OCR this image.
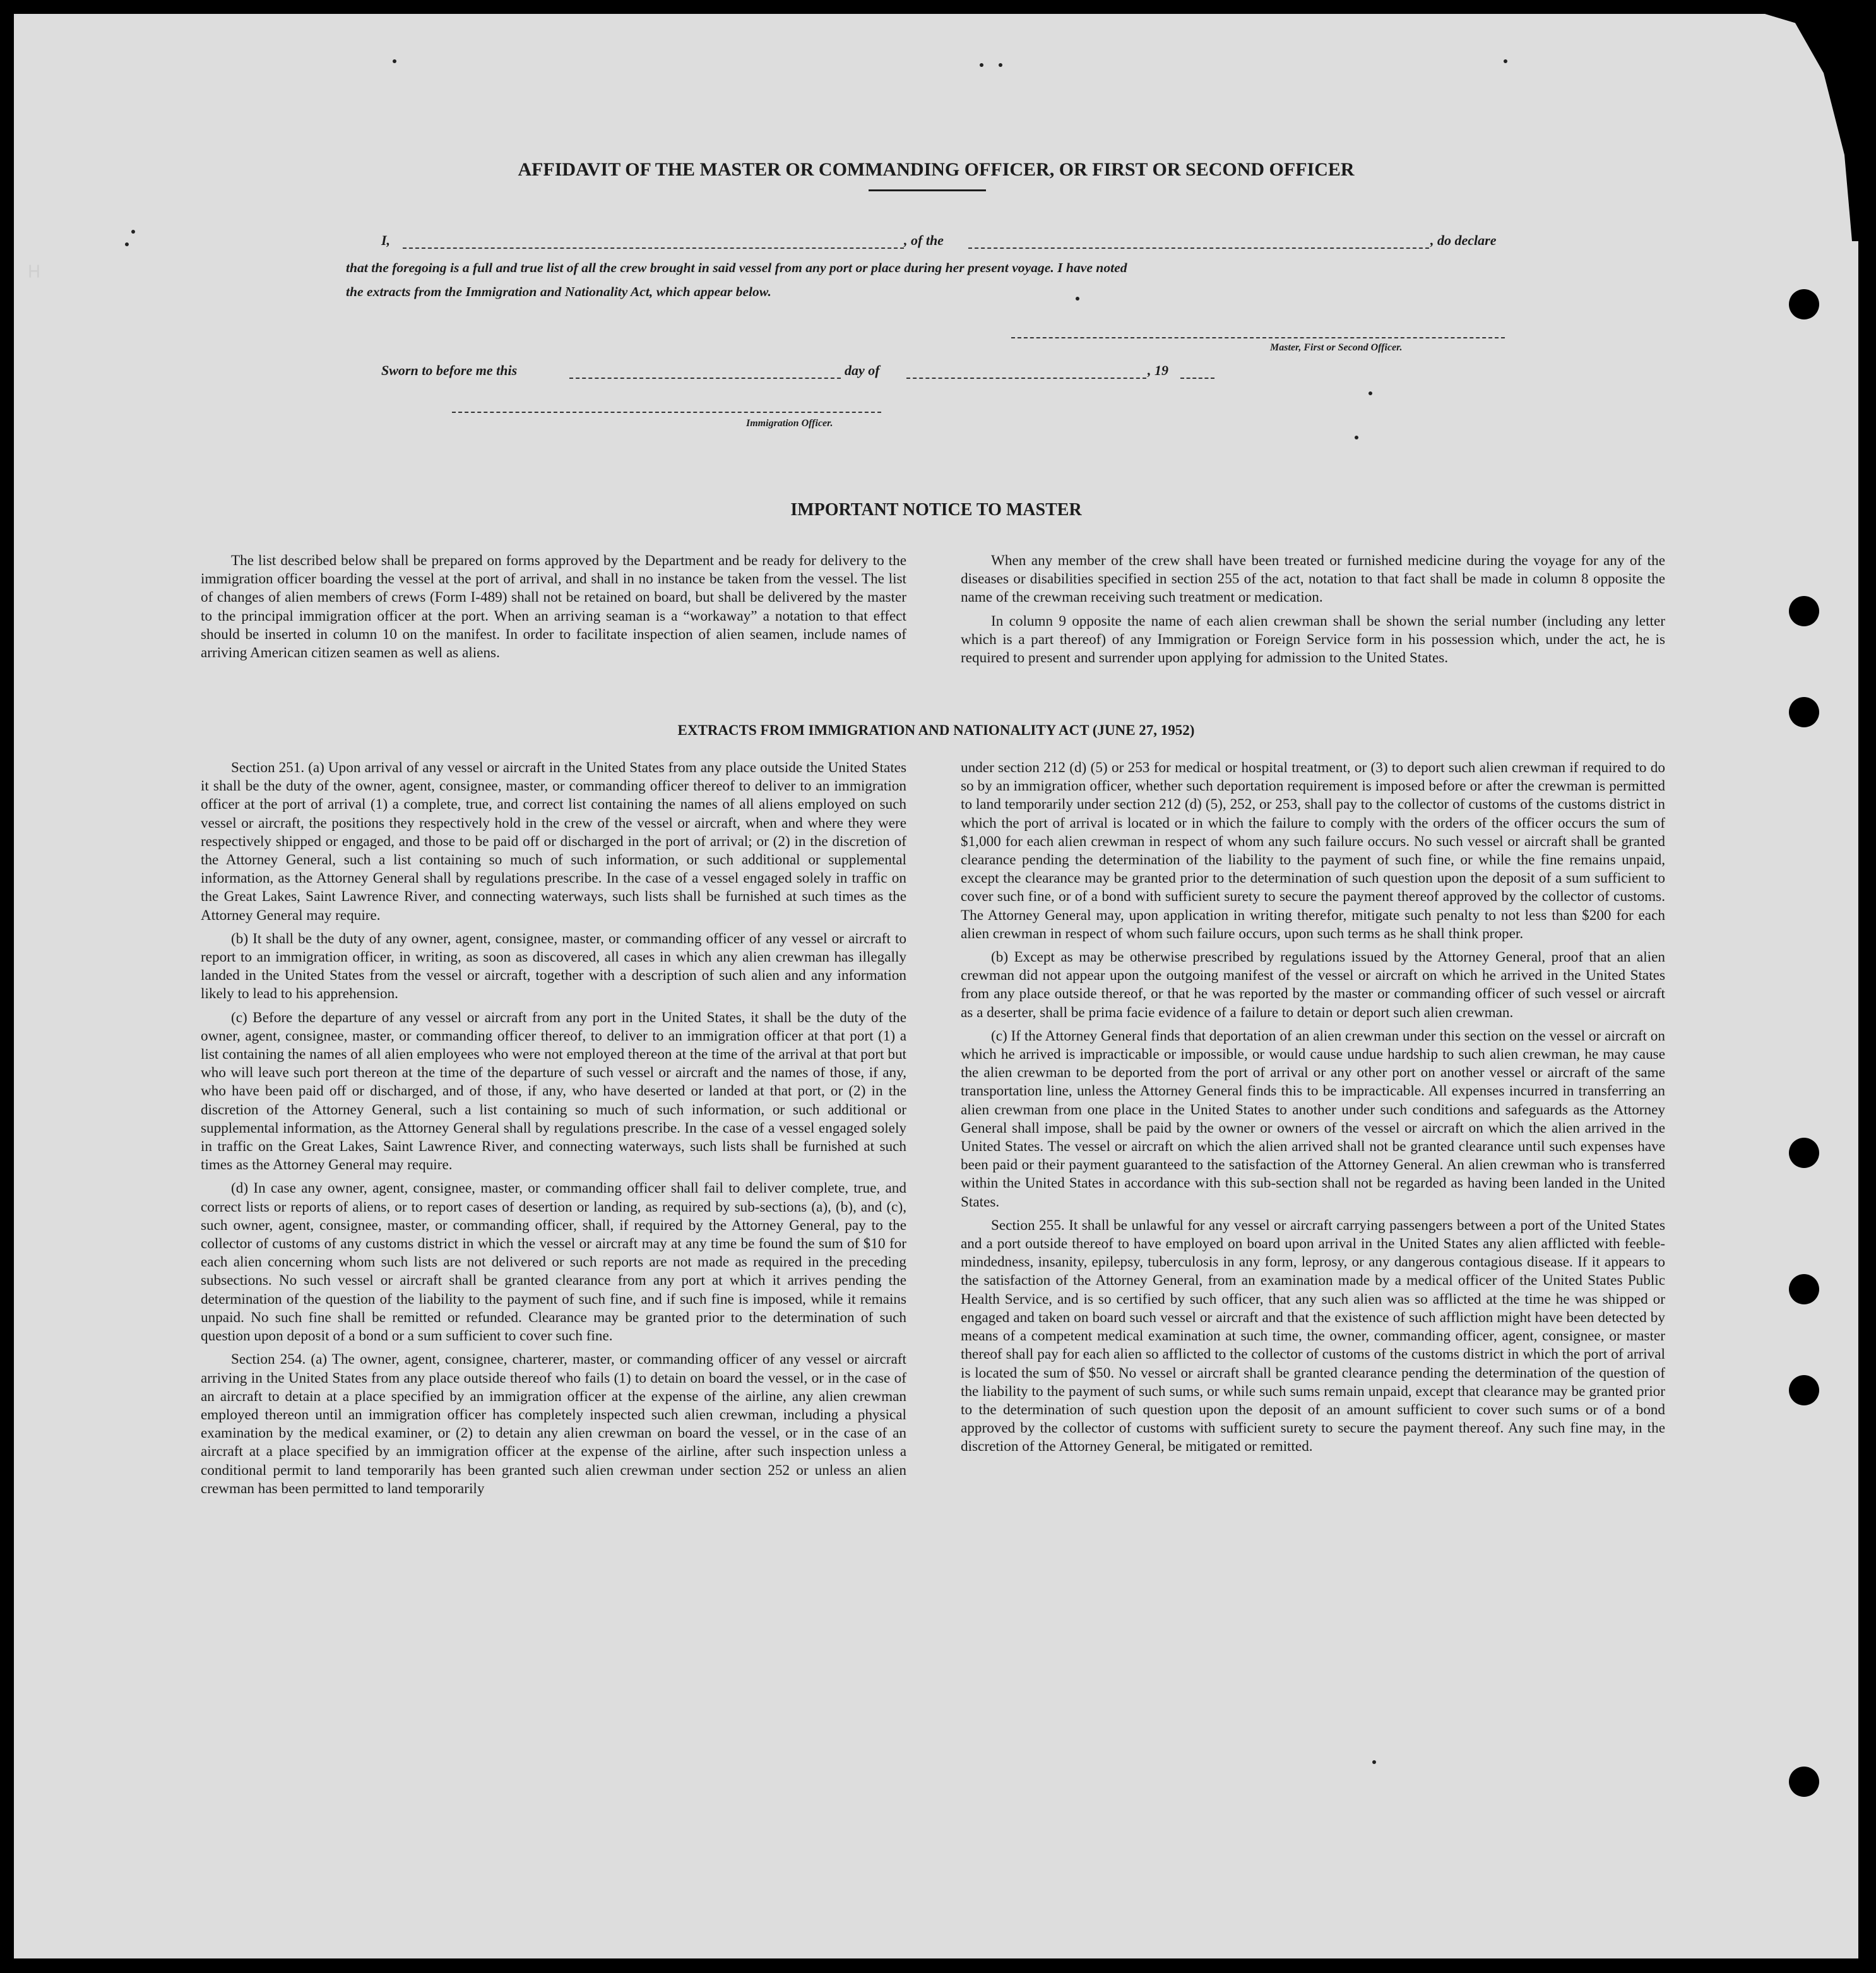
ᴴ
AFFIDAVIT OF THE MASTER OR COMMANDING OFFICER, OR FIRST OR SECOND OFFICER
I,	, of the	, do declare
that the foregoing is a full and true list of all the crew brought in said vessel from any port or place during her present voyage. I have noted
the extracts from the Immigration and Nationality Act, which appear below.
Master, First or Second Officer.
Sworn to before me this	day of	, 19
Immigration Officer.
IMPORTANT NOTICE TO MASTER

The list described below shall be prepared on forms approved by the Department and be ready for delivery to the immigration officer boarding the vessel at the port of arrival, and shall in no instance be taken from the vessel. The list of changes of alien members of crews (Form I-489) shall not be retained on board, but shall be delivered by the master to the principal immigration officer at the port. When an arriving seaman is a “workaway” a notation to that effect should be inserted in column 10 on the manifest. In order to facilitate inspection of alien seamen, include names of arriving American citizen seamen as well as aliens.

When any member of the crew shall have been treated or furnished medicine during the voyage for any of the diseases or disabilities specified in section 255 of the act, notation to that fact shall be made in column 8 opposite the name of the crewman receiving such treatment or medication.

In column 9 opposite the name of each alien crewman shall be shown the serial number (including any letter which is a part thereof) of any Immigration or Foreign Service form in his possession which, under the act, he is required to present and surrender upon applying for admission to the United States.

EXTRACTS FROM IMMIGRATION AND NATIONALITY ACT (JUNE 27, 1952)

Section 251. (a) Upon arrival of any vessel or aircraft in the United States from any place outside the United States it shall be the duty of the owner, agent, consignee, master, or commanding officer thereof to deliver to an immigration officer at the port of arrival (1) a complete, true, and correct list containing the names of all aliens employed on such vessel or aircraft, the positions they respectively hold in the crew of the vessel or aircraft, when and where they were respectively shipped or engaged, and those to be paid off or discharged in the port of arrival; or (2) in the discretion of the Attorney General, such a list containing so much of such information, or such additional or supplemental information, as the Attorney General shall by regulations prescribe. In the case of a vessel engaged solely in traffic on the Great Lakes, Saint Lawrence River, and connecting waterways, such lists shall be furnished at such times as the Attorney General may require.

(b) It shall be the duty of any owner, agent, consignee, master, or commanding officer of any vessel or aircraft to report to an immigration officer, in writing, as soon as discovered, all cases in which any alien crewman has illegally landed in the United States from the vessel or aircraft, together with a description of such alien and any information likely to lead to his apprehension.

(c) Before the departure of any vessel or aircraft from any port in the United States, it shall be the duty of the owner, agent, consignee, master, or commanding officer thereof, to deliver to an immigration officer at that port (1) a list containing the names of all alien employees who were not employed thereon at the time of the arrival at that port but who will leave such port thereon at the time of the departure of such vessel or aircraft and the names of those, if any, who have been paid off or discharged, and of those, if any, who have deserted or landed at that port, or (2) in the discretion of the Attorney General, such a list containing so much of such information, or such additional or supplemental information, as the Attorney General shall by regulations prescribe. In the case of a vessel engaged solely in traffic on the Great Lakes, Saint Lawrence River, and connecting waterways, such lists shall be furnished at such times as the Attorney General may require.

(d) In case any owner, agent, consignee, master, or commanding officer shall fail to deliver complete, true, and correct lists or reports of aliens, or to report cases of desertion or landing, as required by sub-sections (a), (b), and (c), such owner, agent, consignee, master, or commanding officer, shall, if required by the Attorney General, pay to the collector of customs of any customs district in which the vessel or aircraft may at any time be found the sum of $10 for each alien concerning whom such lists are not delivered or such reports are not made as required in the preceding subsections. No such vessel or aircraft shall be granted clearance from any port at which it arrives pending the determination of the question of the liability to the payment of such fine, and if such fine is imposed, while it remains unpaid. No such fine shall be remitted or refunded. Clearance may be granted prior to the determination of such question upon deposit of a bond or a sum sufficient to cover such fine.

Section 254. (a) The owner, agent, consignee, charterer, master, or commanding officer of any vessel or aircraft arriving in the United States from any place outside thereof who fails (1) to detain on board the vessel, or in the case of an aircraft to detain at a place specified by an immigration officer at the expense of the airline, any alien crewman employed thereon until an immigration officer has completely inspected such alien crewman, including a physical examination by the medical examiner, or (2) to detain any alien crewman on board the vessel, or in the case of an aircraft at a place specified by an immigration officer at the expense of the airline, after such inspection unless a conditional permit to land temporarily has been granted such alien crewman under section 252 or unless an alien crewman has been permitted to land temporarily

under section 212 (d) (5) or 253 for medical or hospital treatment, or (3) to deport such alien crewman if required to do so by an immigration officer, whether such deportation requirement is imposed before or after the crewman is permitted to land temporarily under section 212 (d) (5), 252, or 253, shall pay to the collector of customs of the customs district in which the port of arrival is located or in which the failure to comply with the orders of the officer occurs the sum of $1,000 for each alien crewman in respect of whom any such failure occurs. No such vessel or aircraft shall be granted clearance pending the determination of the liability to the payment of such fine, or while the fine remains unpaid, except the clearance may be granted prior to the determination of such question upon the deposit of a sum sufficient to cover such fine, or of a bond with sufficient surety to secure the payment thereof approved by the collector of customs. The Attorney General may, upon application in writing therefor, mitigate such penalty to not less than $200 for each alien crewman in respect of whom such failure occurs, upon such terms as he shall think proper.

(b) Except as may be otherwise prescribed by regulations issued by the Attorney General, proof that an alien crewman did not appear upon the outgoing manifest of the vessel or aircraft on which he arrived in the United States from any place outside thereof, or that he was reported by the master or commanding officer of such vessel or aircraft as a deserter, shall be prima facie evidence of a failure to detain or deport such alien crewman.

(c) If the Attorney General finds that deportation of an alien crewman under this section on the vessel or aircraft on which he arrived is impracticable or impossible, or would cause undue hardship to such alien crewman, he may cause the alien crewman to be deported from the port of arrival or any other port on another vessel or aircraft of the same transportation line, unless the Attorney General finds this to be impracticable. All expenses incurred in transferring an alien crewman from one place in the United States to another under such conditions and safeguards as the Attorney General shall impose, shall be paid by the owner or owners of the vessel or aircraft on which the alien arrived in the United States. The vessel or aircraft on which the alien arrived shall not be granted clearance until such expenses have been paid or their payment guaranteed to the satisfaction of the Attorney General. An alien crewman who is transferred within the United States in accordance with this sub-section shall not be regarded as having been landed in the United States.

Section 255. It shall be unlawful for any vessel or aircraft carrying passengers between a port of the United States and a port outside thereof to have employed on board upon arrival in the United States any alien afflicted with feeble-mindedness, insanity, epilepsy, tuberculosis in any form, leprosy, or any dangerous contagious disease. If it appears to the satisfaction of the Attorney General, from an examination made by a medical officer of the United States Public Health Service, and is so certified by such officer, that any such alien was so afflicted at the time he was shipped or engaged and taken on board such vessel or aircraft and that the existence of such affliction might have been detected by means of a competent medical examination at such time, the owner, commanding officer, agent, consignee, or master thereof shall pay for each alien so afflicted to the collector of customs of the customs district in which the port of arrival is located the sum of $50. No vessel or aircraft shall be granted clearance pending the determination of the question of the liability to the payment of such sums, or while such sums remain unpaid, except that clearance may be granted prior to the determination of such question upon the deposit of an amount sufficient to cover such sums or of a bond approved by the collector of customs with sufficient surety to secure the payment thereof. Any such fine may, in the discretion of the Attorney General, be mitigated or remitted.
